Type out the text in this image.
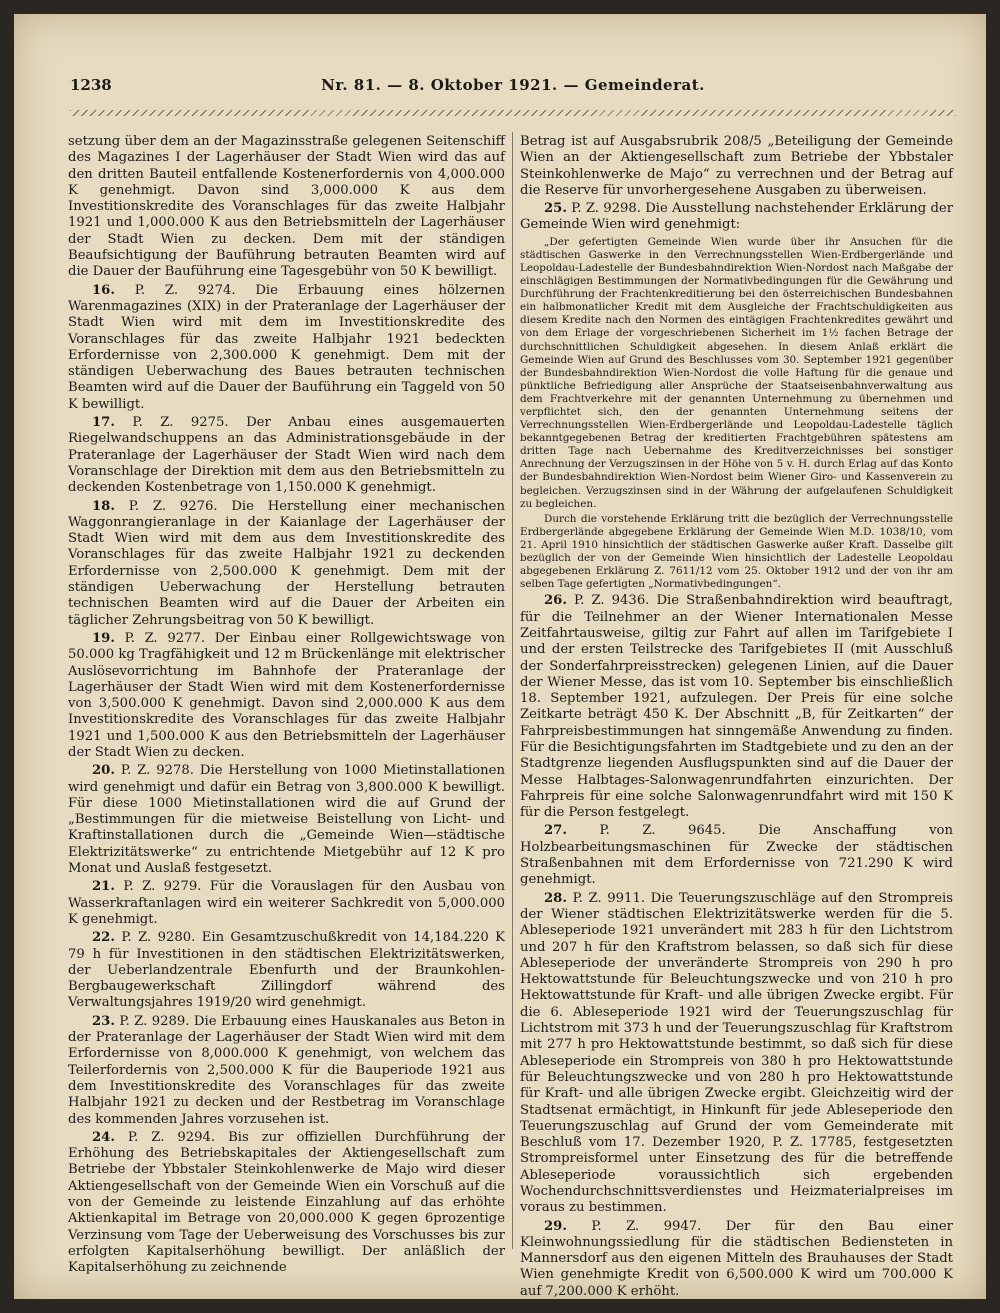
1238	Nr. 81. — 8. Oktober 1921. — Gemeinderat.

setzung über dem an der Magazinsstraße gelegenen Seitenschiff des Magazines I der Lagerhäuser der Stadt Wien wird das auf den dritten Bauteil entfallende Kostenerfordernis von 4,000.000 K genehmigt. Davon sind 3,000.000 K aus dem Investitionskredite des Voranschlages für das zweite Halbjahr 1921 und 1,000.000 K aus den Betriebsmitteln der Lagerhäuser der Stadt Wien zu decken. Dem mit der ständigen Beaufsichtigung der Bauführung betrauten Beamten wird auf die Dauer der Bauführung eine Tagesgebühr von 50 K bewilligt.

16. P. Z. 9274. Die Erbauung eines hölzernen Warenmagazines (XIX) in der Prateranlage der Lagerhäuser der Stadt Wien wird mit dem im Investitionskredite des Voranschlages für das zweite Halbjahr 1921 bedeckten Erfordernisse von 2,300.000 K genehmigt. Dem mit der ständigen Ueberwachung des Baues betrauten technischen Beamten wird auf die Dauer der Bauführung ein Taggeld von 50 K bewilligt.

17. P. Z. 9275. Der Anbau eines ausgemauerten Riegelwandschuppens an das Administrationsgebäude in der Prateranlage der Lagerhäuser der Stadt Wien wird nach dem Voranschlage der Direktion mit dem aus den Betriebsmitteln zu deckenden Kostenbetrage von 1,150.000 K genehmigt.

18. P. Z. 9276. Die Herstellung einer mechanischen Waggonrangieranlage in der Kaianlage der Lagerhäuser der Stadt Wien wird mit dem aus dem Investitionskredite des Voranschlages für das zweite Halbjahr 1921 zu deckenden Erfordernisse von 2,500.000 K genehmigt. Dem mit der ständigen Ueberwachung der Herstellung betrauten technischen Beamten wird auf die Dauer der Arbeiten ein täglicher Zehrungsbeitrag von 50 K bewilligt.

19. P. Z. 9277. Der Einbau einer Rollgewichtswage von 50.000 kg Tragfähigkeit und 12 m Brückenlänge mit elektrischer Auslösevorrichtung im Bahnhofe der Prateranlage der Lagerhäuser der Stadt Wien wird mit dem Kostenerfordernisse von 3,500.000 K genehmigt. Davon sind 2,000.000 K aus dem Investitionskredite des Voranschlages für das zweite Halbjahr 1921 und 1,500.000 K aus den Betriebsmitteln der Lagerhäuser der Stadt Wien zu decken.

20. P. Z. 9278. Die Herstellung von 1000 Mietinstallationen wird genehmigt und dafür ein Betrag von 3,800.000 K bewilligt. Für diese 1000 Mietinstallationen wird die auf Grund der „Bestimmungen für die mietweise Beistellung von Licht- und Kraftinstallationen durch die „Gemeinde Wien—städtische Elektrizitätswerke“ zu entrichtende Mietgebühr auf 12 K pro Monat und Auslaß festgesetzt.

21. P. Z. 9279. Für die Vorauslagen für den Ausbau von Wasserkraftanlagen wird ein weiterer Sachkredit von 5,000.000 K genehmigt.

22. P. Z. 9280. Ein Gesamtzuschußkredit von 14,184.220 K 79 h für Investitionen in den städtischen Elektrizitätswerken, der Ueberlandzentrale Ebenfurth und der Braunkohlen-Bergbaugewerkschaft Zillingdorf während des Verwaltungsjahres 1919/20 wird genehmigt.

23. P. Z. 9289. Die Erbauung eines Hauskanales aus Beton in der Prateranlage der Lagerhäuser der Stadt Wien wird mit dem Erfordernisse von 8,000.000 K genehmigt, von welchem das Teilerfordernis von 2,500.000 K für die Bauperiode 1921 aus dem Investitionskredite des Voranschlages für das zweite Halbjahr 1921 zu decken und der Restbetrag im Voranschlage des kommenden Jahres vorzusehen ist.

24. P. Z. 9294. Bis zur offiziellen Durchführung der Erhöhung des Betriebskapitales der Aktiengesellschaft zum Betriebe der Ybbstaler Steinkohlenwerke de Majo wird dieser Aktiengesellschaft von der Gemeinde Wien ein Vorschuß auf die von der Gemeinde zu leistende Einzahlung auf das erhöhte Aktienkapital im Betrage von 20,000.000 K gegen 6prozentige Verzinsung vom Tage der Ueberweisung des Vorschusses bis zur erfolgten Kapitalserhöhung bewilligt. Der anläßlich der Kapitalserhöhung zu zeichnende

Betrag ist auf Ausgabsrubrik 208/5 „Beteiligung der Gemeinde Wien an der Aktiengesellschaft zum Betriebe der Ybbstaler Steinkohlenwerke de Majo“ zu verrechnen und der Betrag auf die Reserve für unvorhergesehene Ausgaben zu überweisen.

25. P. Z. 9298. Die Ausstellung nachstehender Erklärung der Gemeinde Wien wird genehmigt:

„Der gefertigten Gemeinde Wien wurde über ihr Ansuchen für die städtischen Gaswerke in den Verrechnungsstellen Wien-Erdbergerlände und Leopoldau-Ladestelle der Bundesbahndirektion Wien-Nordost nach Maßgabe der einschlägigen Bestimmungen der Normativbedingungen für die Gewährung und Durchführung der Frachtenkreditierung bei den österreichischen Bundesbahnen ein halbmonatlicher Kredit mit dem Ausgleiche der Frachtschuldigkeiten aus diesem Kredite nach den Normen des eintägigen Frachtenkredites gewährt und von dem Erlage der vorgeschriebenen Sicherheit im 1½ fachen Betrage der durchschnittlichen Schuldigkeit abgesehen. In diesem Anlaß erklärt die Gemeinde Wien auf Grund des Beschlusses vom 30. September 1921 gegenüber der Bundesbahndirektion Wien-Nordost die volle Haftung für die genaue und pünktliche Befriedigung aller Ansprüche der Staatseisenbahnverwaltung aus dem Frachtverkehre mit der genannten Unternehmung zu übernehmen und verpflichtet sich, den der genannten Unternehmung seitens der Verrechnungsstellen Wien-Erdbergerlände und Leopoldau-Ladestelle täglich bekanntgegebenen Betrag der kreditierten Frachtgebühren spätestens am dritten Tage nach Uebernahme des Kreditverzeichnisses bei sonstiger Anrechnung der Verzugszinsen in der Höhe von 5 v. H. durch Erlag auf das Konto der Bundesbahndirektion Wien-Nordost beim Wiener Giro- und Kassenverein zu begleichen. Verzugszinsen sind in der Währung der aufgelaufenen Schuldigkeit zu begleichen.

Durch die vorstehende Erklärung tritt die bezüglich der Verrechnungsstelle Erdbergerlände abgegebene Erklärung der Gemeinde Wien M.D. 1038/10, vom 21. April 1910 hinsichtlich der städtischen Gaswerke außer Kraft. Dasselbe gilt bezüglich der von der Gemeinde Wien hinsichtlich der Ladestelle Leopoldau abgegebenen Erklärung Z. 7611/12 vom 25. Oktober 1912 und der von ihr am selben Tage gefertigten „Normativbedingungen“.

26. P. Z. 9436. Die Straßenbahndirektion wird beauftragt, für die Teilnehmer an der Wiener Internationalen Messe Zeitfahrtausweise, giltig zur Fahrt auf allen im Tarifgebiete I und der ersten Teilstrecke des Tarifgebietes II (mit Ausschluß der Sonderfahrpreisstrecken) gelegenen Linien, auf die Dauer der Wiener Messe, das ist vom 10. September bis einschließlich 18. September 1921, aufzulegen. Der Preis für eine solche Zeitkarte beträgt 450 K. Der Abschnitt „B, für Zeitkarten“ der Fahrpreisbestimmungen hat sinngemäße Anwendung zu finden. Für die Besichtigungsfahrten im Stadtgebiete und zu den an der Stadtgrenze liegenden Ausflugspunkten sind auf die Dauer der Messe Halbtages-Salonwagenrundfahrten einzurichten. Der Fahrpreis für eine solche Salonwagenrundfahrt wird mit 150 K für die Person festgelegt.

27. P. Z. 9645. Die Anschaffung von Holzbearbeitungsmaschinen für Zwecke der städtischen Straßenbahnen mit dem Erfordernisse von 721.290 K wird genehmigt.

28. P. Z. 9911. Die Teuerungszuschläge auf den Strompreis der Wiener städtischen Elektrizitätswerke werden für die 5. Ableseperiode 1921 unverändert mit 283 h für den Lichtstrom und 207 h für den Kraftstrom belassen, so daß sich für diese Ableseperiode der unveränderte Strompreis von 290 h pro Hektowattstunde für Beleuchtungszwecke und von 210 h pro Hektowattstunde für Kraft- und alle übrigen Zwecke ergibt. Für die 6. Ableseperiode 1921 wird der Teuerungszuschlag für Lichtstrom mit 373 h und der Teuerungszuschlag für Kraftstrom mit 277 h pro Hektowattstunde bestimmt, so daß sich für diese Ableseperiode ein Strompreis von 380 h pro Hektowattstunde für Beleuchtungszwecke und von 280 h pro Hektowattstunde für Kraft- und alle übrigen Zwecke ergibt. Gleichzeitig wird der Stadtsenat ermächtigt, in Hinkunft für jede Ableseperiode den Teuerungszuschlag auf Grund der vom Gemeinderate mit Beschluß vom 17. Dezember 1920, P. Z. 17785, festgesetzten Strompreisformel unter Einsetzung des für die betreffende Ableseperiode voraussichtlich sich ergebenden Wochendurchschnittsverdienstes und Heizmaterialpreises im voraus zu bestimmen.

29. P. Z. 9947. Der für den Bau einer Kleinwohnungssiedlung für die städtischen Bediensteten in Mannersdorf aus den eigenen Mitteln des Brauhauses der Stadt Wien genehmigte Kredit von 6,500.000 K wird um 700.000 K auf 7,200.000 K erhöht.
